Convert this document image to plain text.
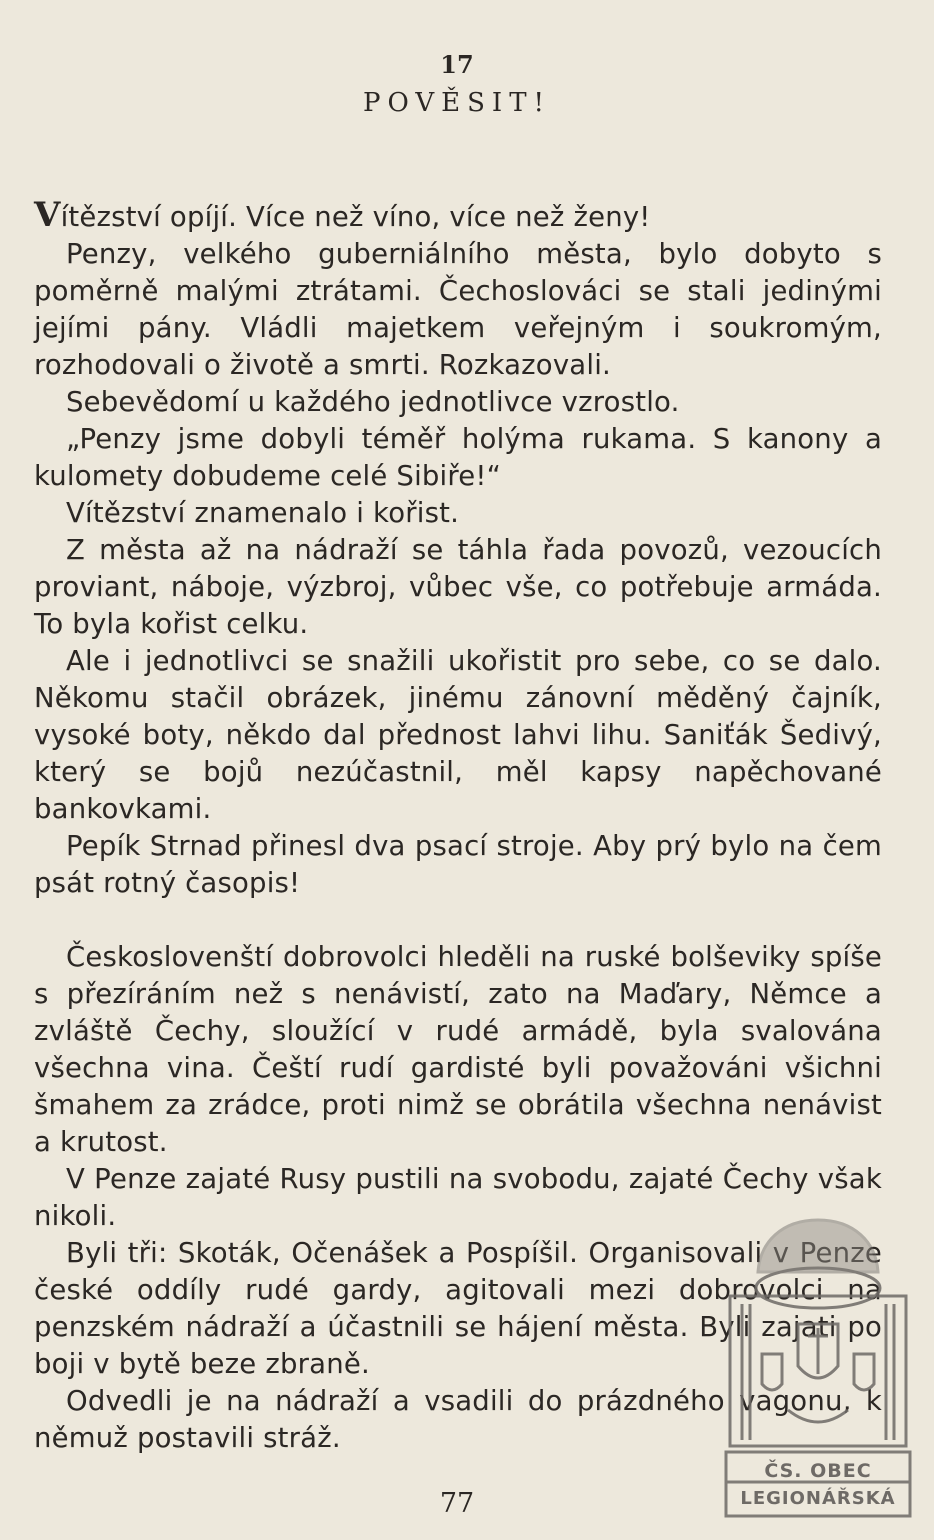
17
POVĚSIT!

Vítězství opíjí. Více než víno, více než ženy!

Penzy, velkého guberniálního města, bylo dobyto s poměrně malými ztrátami. Čechoslováci se stali jedinými jejími pány. Vládli majetkem veřejným i soukromým, rozhodovali o životě a smrti. Rozkazovali.

Sebevědomí u každého jednotlivce vzrostlo.

„Penzy jsme dobyli téměř holýma rukama. S kanony a kulomety dobudeme celé Sibiře!“

Vítězství znamenalo i kořist.

Z města až na nádraží se táhla řada povozů, vezoucích proviant, náboje, výzbroj, vůbec vše, co potřebuje armáda. To byla kořist celku.

Ale i jednotlivci se snažili ukořistit pro sebe, co se dalo. Někomu stačil obrázek, jinému zánovní měděný čajník, vysoké boty, někdo dal přednost lahvi lihu. Saniťák Šedivý, který se bojů nezúčastnil, měl kapsy napěchované bankovkami.

Pepík Strnad přinesl dva psací stroje. Aby prý bylo na čem psát rotný časopis!

Českoslovenští dobrovolci hleděli na ruské bolševiky spíše s přezíráním než s nenávistí, zato na Maďary, Němce a zvláště Čechy, sloužící v rudé armádě, byla svalována všechna vina. Čeští rudí gardisté byli považováni všichni šmahem za zrádce, proti nimž se obrátila všechna nenávist a krutost.

V Penze zajaté Rusy pustili na svobodu, zajaté Čechy však nikoli.

Byli tři: Skoták, Očenášek a Pospíšil. Organisovali v Penze české oddíly rudé gardy, agitovali mezi dobrovolci na penzském nádraží a účastnili se hájení města. Byli zajati po boji v bytě beze zbraně.

Odvedli je na nádraží a vsadili do prázdného vagonu, k němuž postavili stráž.

77
ČS. OBEC
LEGIONÁŘSKÁ
